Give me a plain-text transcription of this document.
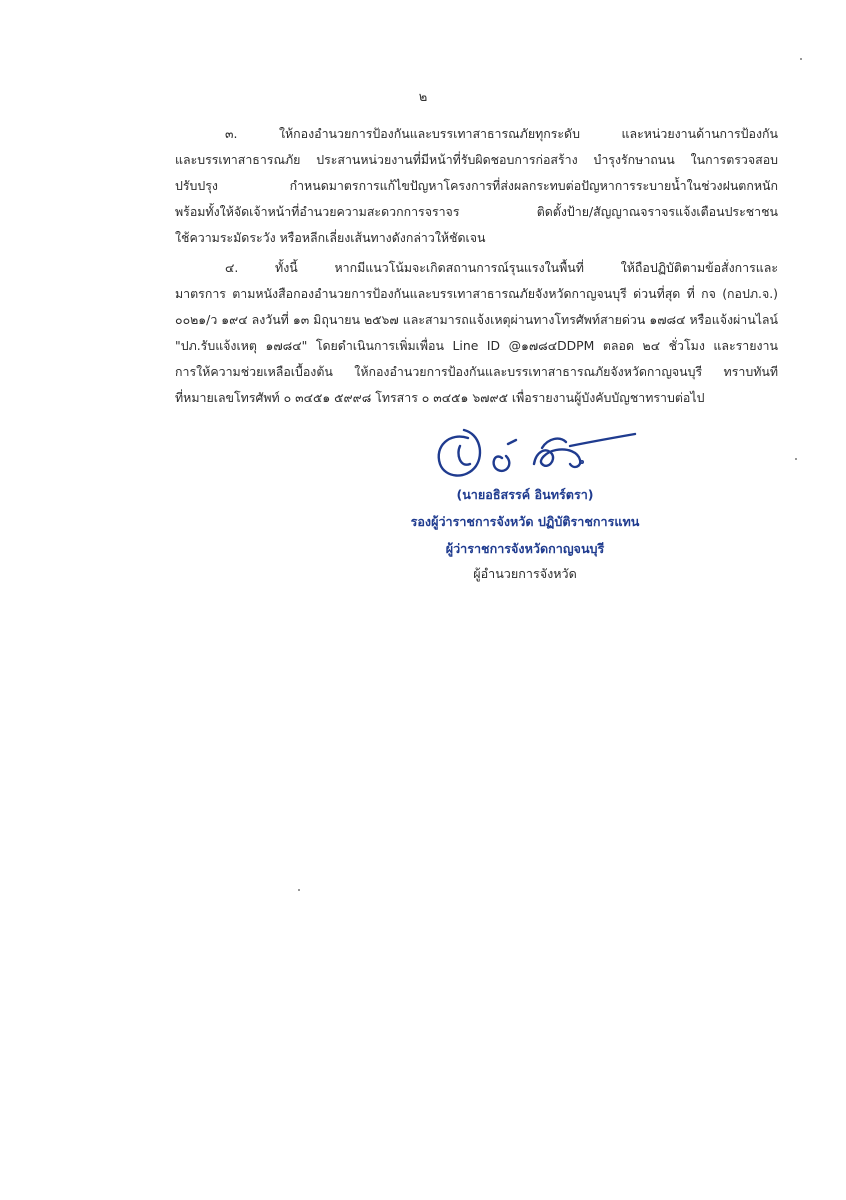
๒
๓. ให้กองอำนวยการป้องกันและบรรเทาสาธารณภัยทุกระดับ และหน่วยงานด้านการป้องกัน
และบรรเทาสาธารณภัย ประสานหน่วยงานที่มีหน้าที่รับผิดชอบการก่อสร้าง บำรุงรักษาถนน ในการตรวจสอบ
ปรับปรุง กำหนดมาตรการแก้ไขปัญหาโครงการที่ส่งผลกระทบต่อปัญหาการระบายน้ำในช่วงฝนตกหนัก
พร้อมทั้งให้จัดเจ้าหน้าที่อำนวยความสะดวกการจราจร ติดตั้งป้าย/สัญญาณจราจรแจ้งเตือนประชาชน
ใช้ความระมัดระวัง หรือหลีกเลี่ยงเส้นทางดังกล่าวให้ชัดเจน
๔. ทั้งนี้ หากมีแนวโน้มจะเกิดสถานการณ์รุนแรงในพื้นที่ ให้ถือปฏิบัติตามข้อสั่งการและ
มาตรการ ตามหนังสือกองอำนวยการป้องกันและบรรเทาสาธารณภัยจังหวัดกาญจนบุรี ด่วนที่สุด ที่ กจ (กอปภ.จ.)
๐๐๒๑/ว ๑๙๔ ลงวันที่ ๑๓ มิถุนายน ๒๕๖๗ และสามารถแจ้งเหตุผ่านทางโทรศัพท์สายด่วน ๑๗๘๔ หรือแจ้งผ่านไลน์
"ปภ.รับแจ้งเหตุ ๑๗๘๔" โดยดำเนินการเพิ่มเพื่อน Line ID @๑๗๘๔DDPM ตลอด ๒๔ ชั่วโมง และรายงาน
การให้ความช่วยเหลือเบื้องต้น ให้กองอำนวยการป้องกันและบรรเทาสาธารณภัยจังหวัดกาญจนบุรี ทราบทันที
ที่หมายเลขโทรศัพท์ ๐ ๓๔๕๑ ๕๙๙๘ โทรสาร ๐ ๓๔๕๑ ๖๗๙๕ เพื่อรายงานผู้บังคับบัญชาทราบต่อไป
(นายอธิสรรค์ อินทร์ตรา)
รองผู้ว่าราชการจังหวัด ปฏิบัติราชการแทน
ผู้ว่าราชการจังหวัดกาญจนบุรี
ผู้อำนวยการจังหวัด
